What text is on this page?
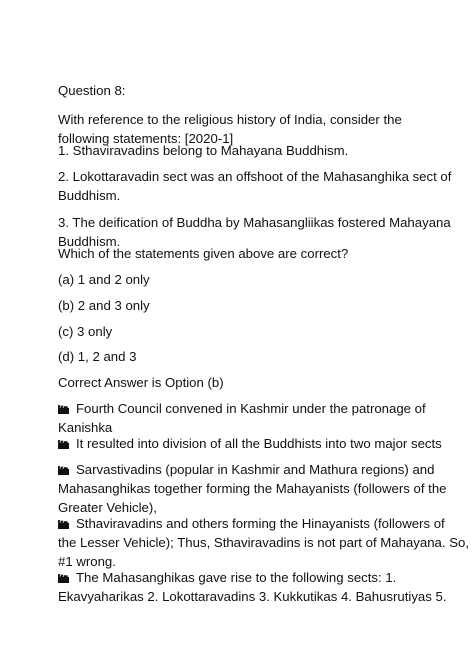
Question 8:

With reference to the religious history of India, consider the
following statements: [2020-1]

1. Sthaviravadins belong to Mahayana Buddhism.

2. Lokottaravadin sect was an offshoot of the Mahasanghika sect of
Buddhism.

3. The deification of Buddha by Mahasangliikas fostered Mahayana
Buddhism.

Which of the statements given above are correct?

(a) 1 and 2 only

(b) 2 and 3 only

(c) 3 only

(d) 1, 2 and 3

Correct Answer is Option (b)

Fourth Council convened in Kashmir under the patronage of
Kanishka

It resulted into division of all the Buddhists into two major sects

Sarvastivadins (popular in Kashmir and Mathura regions) and
Mahasanghikas together forming the Mahayanists (followers of the
Greater Vehicle),

Sthaviravadins and others forming the Hinayanists (followers of
the Lesser Vehicle); Thus, Sthaviravadins is not part of Mahayana. So,
#1 wrong.

The Mahasanghikas gave rise to the following sects: 1.
Ekavyaharikas 2. Lokottaravadins 3. Kukkutikas 4. Bahusrutiyas 5.
